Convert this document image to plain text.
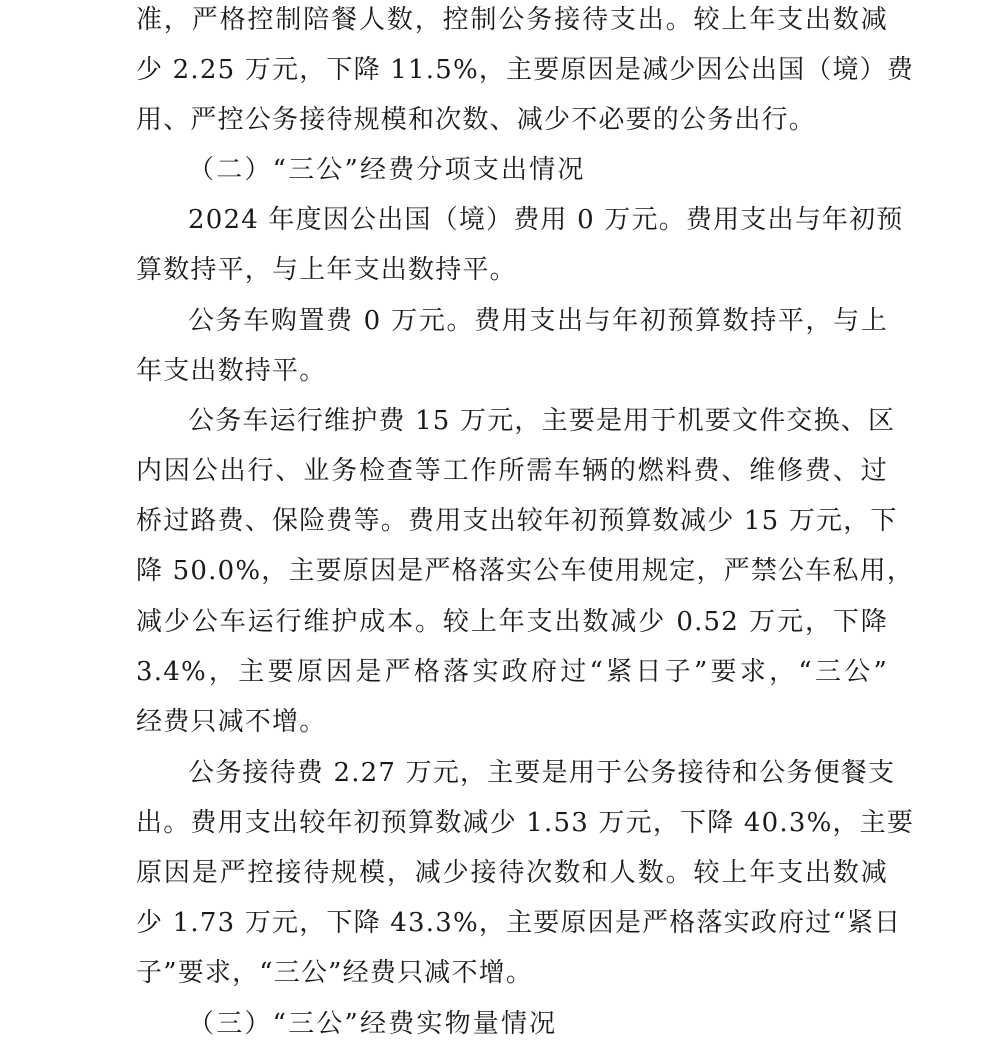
准，严格控制陪餐人数，控制公务接待支出。较上年支出数减
少 2.25 万元，下降 11.5%，主要原因是减少因公出国（境）费
用、严控公务接待规模和次数、减少不必要的公务出行。
（二）“三公”经费分项支出情况
2024 年度因公出国（境）费用 0 万元。费用支出与年初预
算数持平，与上年支出数持平。
公务车购置费 0 万元。费用支出与年初预算数持平，与上
年支出数持平。
公务车运行维护费 15 万元，主要是用于机要文件交换、区
内因公出行、业务检查等工作所需车辆的燃料费、维修费、过
桥过路费、保险费等。费用支出较年初预算数减少 15 万元，下
降 50.0%，主要原因是严格落实公车使用规定，严禁公车私用，
减少公车运行维护成本。较上年支出数减少 0.52 万元，下降
3.4%，主要原因是严格落实政府过“紧日子”要求，“三公”
经费只减不增。
公务接待费 2.27 万元，主要是用于公务接待和公务便餐支
出。费用支出较年初预算数减少 1.53 万元，下降 40.3%，主要
原因是严控接待规模，减少接待次数和人数。较上年支出数减
少 1.73 万元，下降 43.3%，主要原因是严格落实政府过“紧日
子”要求，“三公”经费只减不增。
（三）“三公”经费实物量情况
